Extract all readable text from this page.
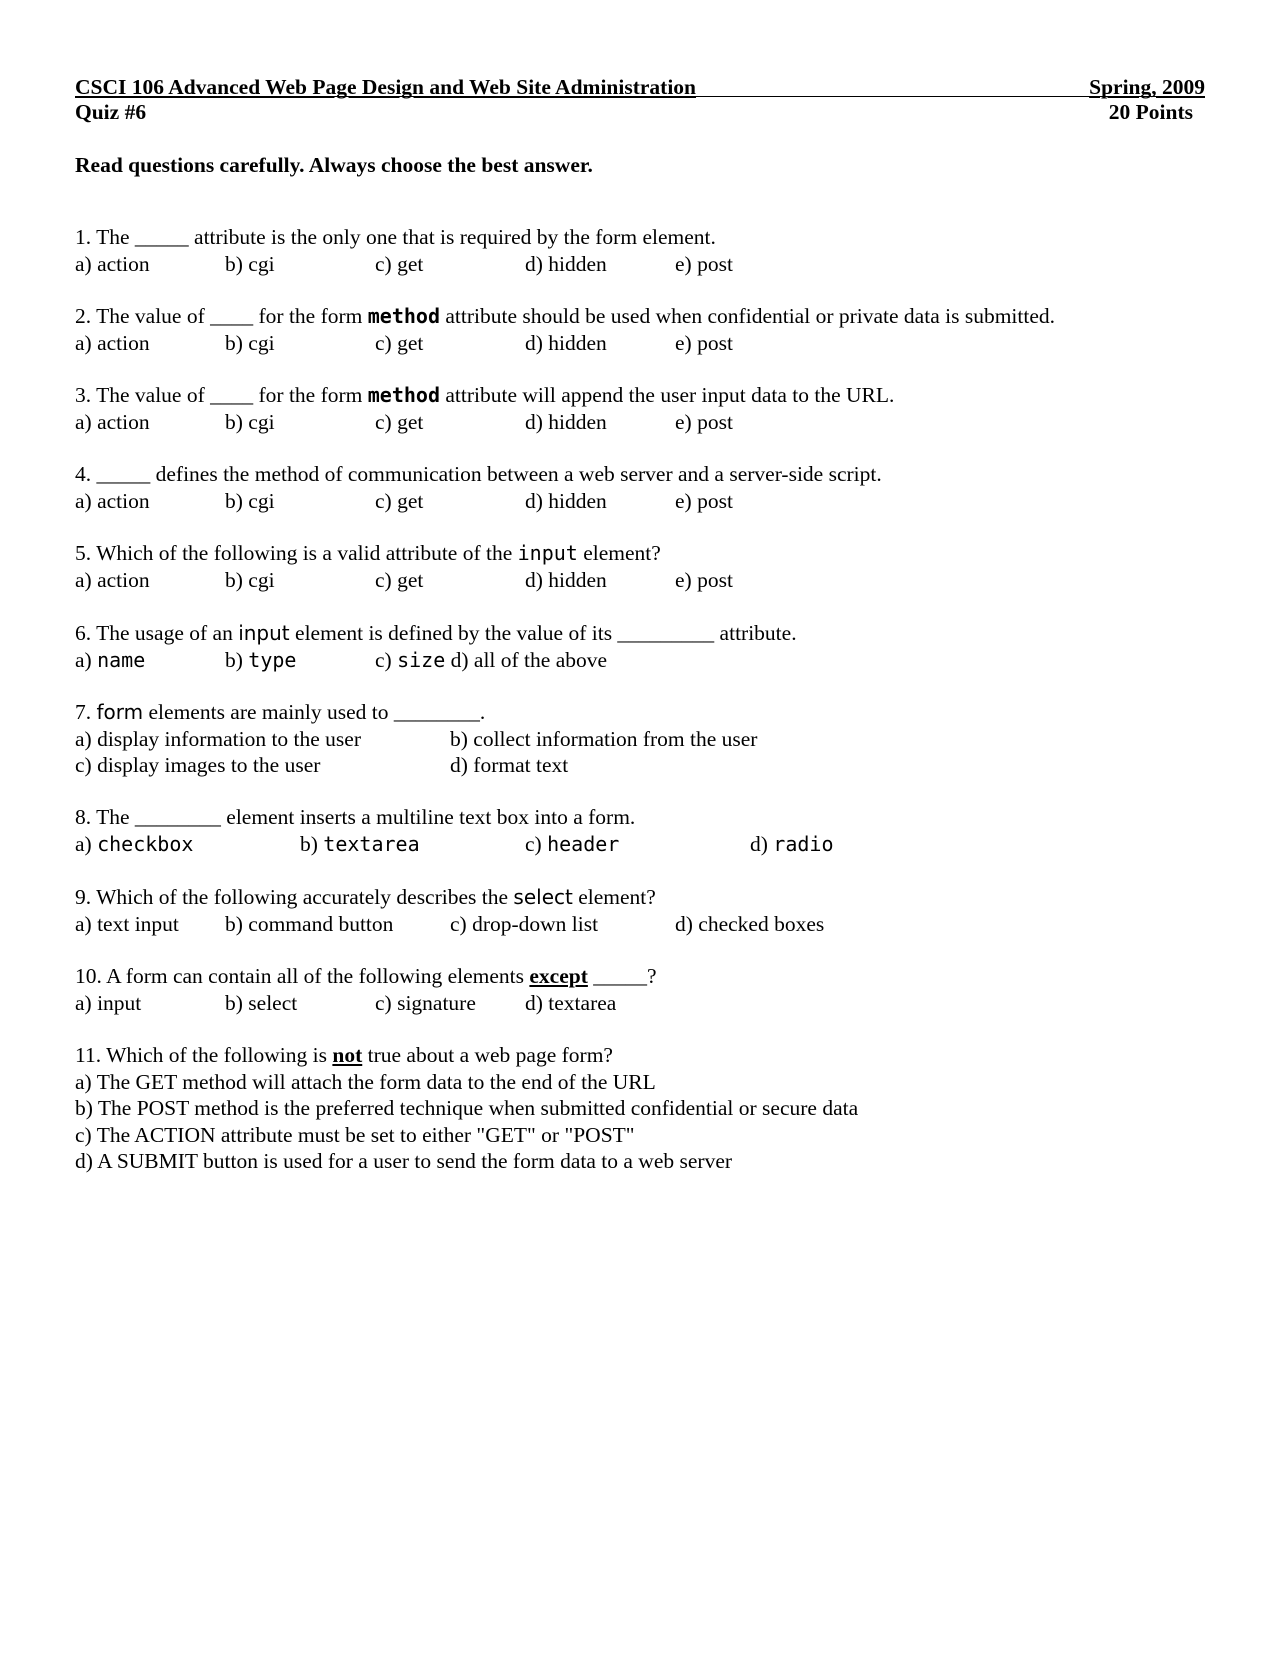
CSCI 106 Advanced Web Page Design and Web Site Administration	Spring, 2009
Quiz #6	20 Points
Read questions carefully. Always choose the best answer.
1. The _____ attribute is the only one that is required by the form element.
a) action	b) cgi	c) get	d) hidden	e) post
2. The value of ____ for the form method attribute should be used when confidential or private data is submitted.
a) action	b) cgi	c) get	d) hidden	e) post
3. The value of ____ for the form method attribute will append the user input data to the URL.
a) action	b) cgi	c) get	d) hidden	e) post
4. _____ defines the method of communication between a web server and a server-side script.
a) action	b) cgi	c) get	d) hidden	e) post
5. Which of the following is a valid attribute of the input element?
a) action	b) cgi	c) get	d) hidden	e) post
6. The usage of an input element is defined by the value of its _________ attribute.
a) name	b) type	c) size d) all of the above
7. form elements are mainly used to ________.
a) display information to the user	b) collect information from the user
c) display images to the user	d) format text
8. The ________ element inserts a multiline text box into a form.
a) checkbox	b) textarea	c) header	d) radio
9. Which of the following accurately describes the select element?
a) text input b) command button	c) drop-down list	d) checked boxes
10. A form can contain all of the following elements except _____?
a) input	b) select	c) signature d) textarea
11. Which of the following is not true about a web page form?
a) The GET method will attach the form data to the end of the URL
b) The POST method is the preferred technique when submitted confidential or secure data
c) The ACTION attribute must be set to either "GET" or "POST"
d) A SUBMIT button is used for a user to send the form data to a web server
